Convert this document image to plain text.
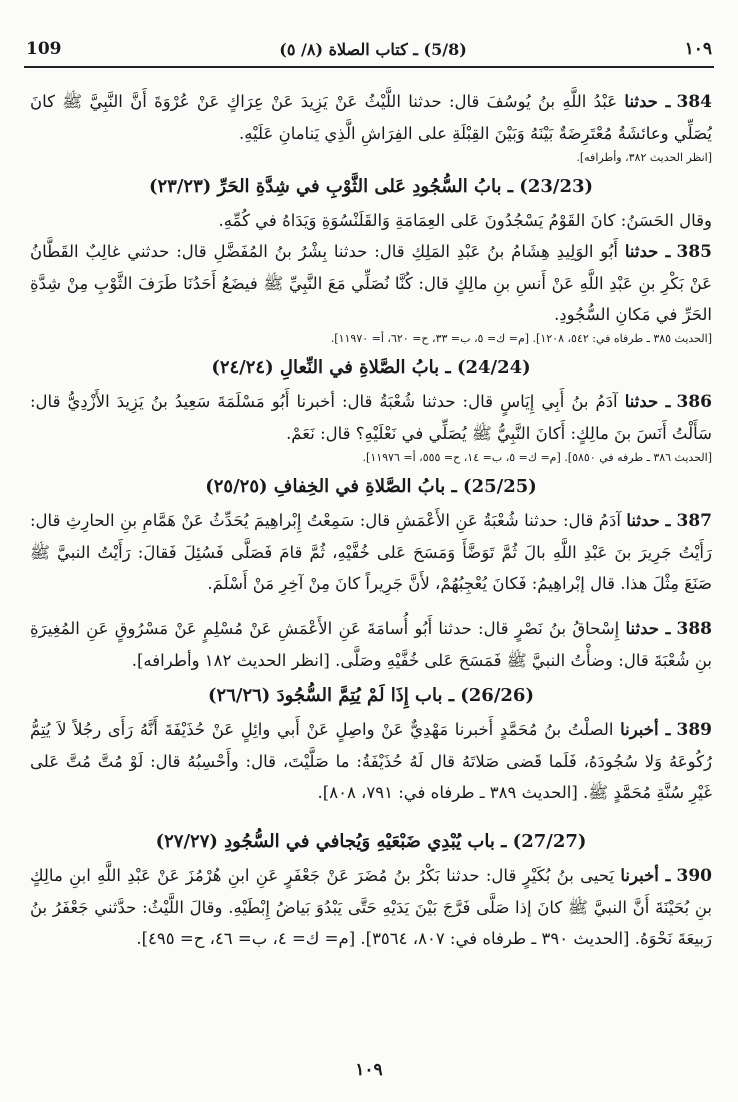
109	(5/8) ـ كتاب الصلاة (٨/ ٥)	١٠٩

384ـ حدثنا عَبْدُ اللَّهِ بنُ يُوسُفَ قال: حدثنا اللَّيْثُ عَنْ يَزِيدَ عَنْ عِرَاكٍ عَنْ عُرْوَةَ أَنَّ النَّبِيَّ ﷺ كانَ يُصَلِّي وعائشَةُ مُعْتَرِضَةٌ بَيْنَهُ وَبَيْنَ القِبْلَةِ على الفِرَاشِ الَّذِي يَنامانِ عَلَيْهِ.

[انظر الحديث ٣٨٢، وأطرافه].

(23/23) ـ بابُ السُّجُودِ عَلى الثَّوْبِ في شِدَّةِ الحَرِّ (٢٣/٢٣)

وقال الحَسَنُ: كانَ القَوْمُ يَسْجُدُونَ عَلى العِمَامَةِ وَالقَلَنْسُوَةِ وَيَدَاهُ في كُمِّهِ.

385ـ حدثنا أَبُو الوَلِيدِ هِشَامُ بنُ عَبْدِ المَلِكِ قال: حدثنا بِشْرُ بنُ المُفَضَّلِ قال: حدثني غالِبٌ القَطَّانُ عَنْ بَكْرِ بنِ عَبْدِ اللَّهِ عَنْ أَنسِ بنِ مالِكٍ قال: كُنَّا نُصَلِّي مَعَ النَّبِيِّ ﷺ فيضَعُ أَحَدُنَا طَرَفَ الثَّوْبِ مِنْ شِدَّةِ الحَرِّ في مَكانِ السُّجُودِ.

[الحديث ٣٨٥ ـ طرفاه في: ٥٤٢، ١٢٠٨]. [م= ك= ٥، ب= ٣٣، ح= ٦٢٠، أ= ١١٩٧٠].

(24/24) ـ بابُ الصَّلاةِ في النِّعالِ (٢٤/٢٤)

386ـ حدثنا آدَمُ بنُ أَبِي إِيَاسٍ قال: حدثنا شُعْبَةُ قال: أخبرنا أَبُو مَسْلَمَةَ سَعِيدُ بنُ يَزِيدَ الأَزْدِيُّ قال: سَأَلْتُ أَنَسَ بنَ مالِكٍ: أَكانَ النَّبِيُّ ﷺ يُصَلِّي في نَعْلَيْهِ؟ قال: نَعَمْ.

[الحديث ٣٨٦ ـ طرفه في ٥٨٥٠]. [م= ك= ٥، ب= ١٤، ح= ٥٥٥، أ= ١١٩٧٦].

(25/25) ـ بابُ الصَّلاةِ في الخِفافِ (٢٥/٢٥)

387ـ حدثنا آدَمُ قال: حدثنا شُعْبَةُ عَنِ الأَعْمَشِ قال: سَمِعْتُ إِبْراهِيمَ يُحَدِّثُ عَنْ هَمَّامِ بنِ الحارِثِ قال: رَأَيْتُ جَرِيرَ بنَ عَبْدِ اللَّهِ بالَ ثُمَّ تَوَضَّأَ وَمَسَحَ عَلى خُفَّيْهِ، ثُمَّ قامَ فَصَلَّى فَسُئِلَ فَقالَ: رَأَيْتُ النبيَّ ﷺ صَنَعَ مِثْلَ هذا. قال إبْراهِيمُ: فَكانَ يُعْجِبُهُمْ، لأَنَّ جَرِيراً كانَ مِنْ آخِرِ مَنْ أَسْلَمَ.

388ـ حدثنا إِسْحاقُ بنُ نَصْرٍ قال: حدثنا أَبُو أُسامَةَ عَنِ الأَعْمَشِ عَنْ مُسْلِمٍ عَنْ مَسْرُوقٍ عَنِ المُغِيرَةِ بنِ شُعْبَةَ قال: وضأْتُ النبيَّ ﷺ فَمَسَحَ عَلى خُفَّيْهِ وصَلَّى. [انظر الحديث ١٨٢ وأطرافه].

(26/26) ـ باب إِذَا لَمْ يُتِمَّ السُّجُودَ (٢٦/٢٦)

389ـ أخبرنا الصلْتُ بنُ مُحَمَّدٍ أَخبرنا مَهْدِيٌّ عَنْ واصِلٍ عَنْ أَبي وائِلٍ عَنْ حُذَيْفَةَ أَنَّهُ رَأَى رجُلاً لاَ يُتِمُّ رُكُوعَهُ وَلا سُجُودَهُ، فَلَما قَضى صَلاتَهُ قال لَهُ حُذَيْفَةُ: ما صَلَّيْتَ، قال: وأَحْسِبُهُ قال: لَوْ مُتَّ مُتَّ عَلى غَيْرِ سُنَّةِ مُحَمَّدٍ ﷺ. [الحديث ٣٨٩ ـ طرفاه في: ٧٩١، ٨٠٨].

(27/27) ـ باب يُبْدِي ضَبْعَيْهِ وَيُجافي في السُّجُودِ (٢٧/٢٧)

390ـ أخبرنا يَحيى بنُ بُكَيْرٍ قال: حدثنا بَكْرُ بنُ مُضَرَ عَنْ جَعْفَرٍ عَنِ ابنِ هُرْمُزَ عَنْ عَبْدِ اللَّهِ ابنِ مالِكٍ بنِ بُحَيْنَةَ أَنَّ النبيَّ ﷺ كانَ إذا صَلَّى فَرَّجَ بَيْنَ يَدَيْهِ حَتَّى يَبْدُوَ بَياضُ إِبْطَيْهِ. وقالَ اللَّيْثُ: حدَّثني جَعْفَرُ بنُ رَبيعَةَ نَحْوَهُ. [الحديث ٣٩٠ ـ طرفاه في: ٨٠٧، ٣٥٦٤]. [م= ك= ٤، ب= ٤٦، ح= ٤٩٥].

١٠٩
